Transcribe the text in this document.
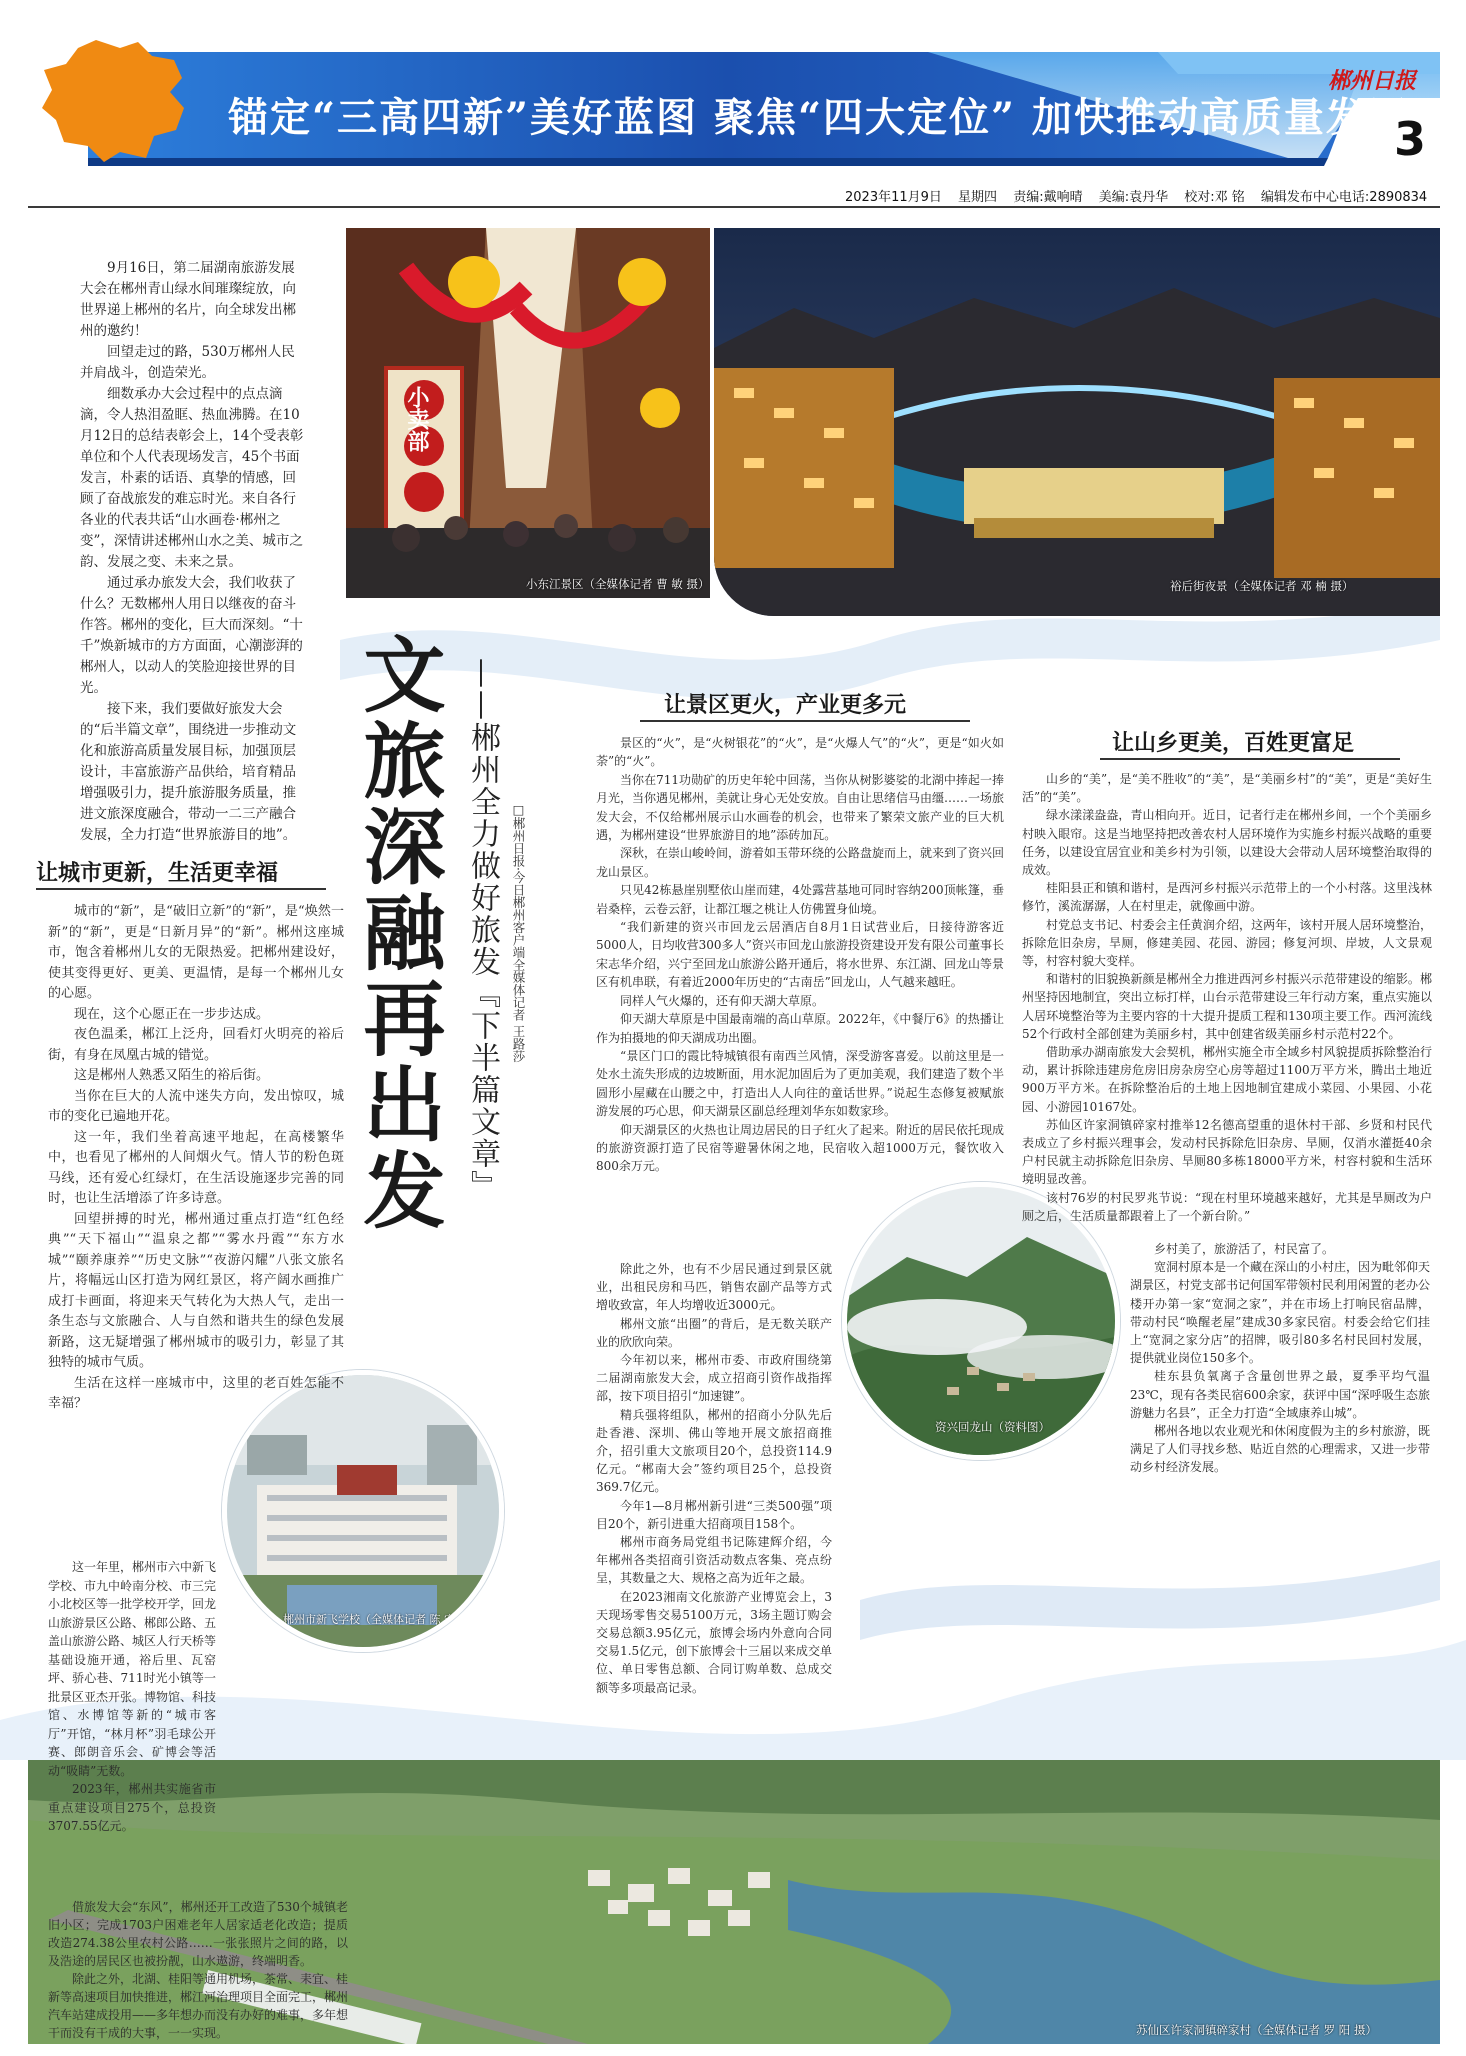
锚定“三高四新”美好蓝图 聚焦“四大定位” 加快推动高质量发展
郴州日报
3
2023年11月9日 星期四 责编:戴响晴 美编:袁丹华 校对:邓 铭 编辑发布中心电话:2890834
小卖部
小东江景区（全媒体记者 曹 敏 摄）	裕后街夜景（全媒体记者 邓 楠 摄）
郴州市新飞学校（全媒体记者 陈 宏 摄）
资兴回龙山（资料图）
苏仙区许家洞镇碎家村（全媒体记者 罗 阳 摄）

9月16日，第二届湖南旅游发展大会在郴州青山绿水间璀璨绽放，向世界递上郴州的名片，向全球发出郴州的邀约！

回望走过的路，530万郴州人民并肩战斗，创造荣光。

细数承办大会过程中的点点滴滴，令人热泪盈眶、热血沸腾。在10月12日的总结表彰会上，14个受表彰单位和个人代表现场发言，45个书面发言，朴素的话语、真挚的情感，回顾了奋战旅发的难忘时光。来自各行各业的代表共话“山水画卷·郴州之变”，深情讲述郴州山水之美、城市之韵、发展之变、未来之景。

通过承办旅发大会，我们收获了什么？无数郴州人用日以继夜的奋斗作答。郴州的变化，巨大而深刻。“十千”焕新城市的方方面面，心潮澎湃的郴州人，以动人的笑脸迎接世界的目光。

接下来，我们要做好旅发大会的“后半篇文章”，围绕进一步推动文化和旅游高质量发展目标，加强顶层设计，丰富旅游产品供给，培育精品增强吸引力，提升旅游服务质量，推进文旅深度融合，带动一二三产融合发展，全力打造“世界旅游目的地”。 文旅深融再出发 ——郴州全力做好旅发『下半篇文章』 □郴州日报·今日郴州客户端全媒体记者 王路莎
让城市更新，生活更幸福

城市的“新”，是“破旧立新”的“新”，是“焕然一新”的“新”，更是“日新月异”的“新”。郴州这座城市，饱含着郴州儿女的无限热爱。把郴州建设好，使其变得更好、更美、更温情，是每一个郴州儿女的心愿。

现在，这个心愿正在一步步达成。

夜色温柔，郴江上泛舟，回看灯火明亮的裕后街，有身在凤凰古城的错觉。

这是郴州人熟悉又陌生的裕后街。

当你在巨大的人流中迷失方向，发出惊叹，城市的变化已遍地开花。

这一年，我们坐着高速平地起，在高楼繁华中，也看见了郴州的人间烟火气。情人节的粉色斑马线，还有爱心红绿灯，在生活设施逐步完善的同时，也让生活增添了许多诗意。

回望拼搏的时光，郴州通过重点打造“红色经典”“天下福山”“温泉之都”“雾水丹霞”“东方水城”“颐养康养”“历史文脉”“夜游闪耀”八张文旅名片，将幅远山区打造为网红景区，将产阔水画推广成打卡画面，将迎来天气转化为大热人气，走出一条生态与文旅融合、人与自然和谐共生的绿色发展新路，这无疑增强了郴州城市的吸引力，彰显了其独特的城市气质。

生活在这样一座城市中，这里的老百姓怎能不幸福？

这一年里，郴州市六中新飞学校、市九中岭南分校、市三完小北校区等一批学校开学，回龙山旅游景区公路、郴郎公路、五盖山旅游公路、城区人行天桥等基础设施开通，裕后里、瓦窑坪、骄心巷、711时光小镇等一批景区亚杰开张。博物馆、科技馆、水博馆等新的“城市客厅”开馆，“林月杯”羽毛球公开赛、郎朗音乐会、矿博会等活动“吸睛”无数。

2023年，郴州共实施省市重点建设项目275个，总投资3707.55亿元。

借旅发大会“东风”，郴州还开工改造了530个城镇老旧小区；完成1703户困难老年人居家适老化改造；提质改造274.38公里农村公路……一张张照片之间的路，以及浩途的居民区也被扮靓，山水遨游，终端明香。

除此之外，北湖、桂阳等通用机场，茶常、耒宜、桂新等高速项目加快推进，郴江河治理项目全面完工，郴州汽车站建成投用——多年想办而没有办好的难事，多年想干而没有干成的大事，一一实现。

让景区更火，产业更多元

景区的“火”，是“火树银花”的“火”，是“火爆人气”的“火”，更是“如火如荼”的“火”。

当你在711功勋矿的历史年轮中回荡，当你从树影婆娑的北湖中捧起一捧月光，当你遇见郴州，美就让身心无处安放。自由让思绪信马由缰……一场旅发大会，不仅给郴州展示山水画卷的机会，也带来了繁荣文旅产业的巨大机遇，为郴州建设“世界旅游目的地”添砖加瓦。

深秋，在崇山峻岭间，游着如玉带环绕的公路盘旋而上，就来到了资兴回龙山景区。

只见42栋悬崖别墅依山崖而建，4处露营基地可同时容纳200顶帐篷，垂岩桑梓，云卷云舒，让都江堰之桃让人仿佛置身仙境。

“我们新建的资兴市回龙云居酒店自8月1日试营业后，日接待游客近5000人，日均收营300多人”资兴市回龙山旅游投资建设开发有限公司董事长宋志华介绍，兴宁至回龙山旅游公路开通后，将水世界、东江湖、回龙山等景区有机串联，有着近2000年历史的“古南岳”回龙山，人气越来越旺。

同样人气火爆的，还有仰天湖大草原。

仰天湖大草原是中国最南端的高山草原。2022年，《中餐厅6》的热播让作为拍摄地的仰天湖成功出圈。

“景区门口的霞比特城镇很有南西兰风情，深受游客喜爱。以前这里是一处水土流失形成的边坡断面，用水泥加固后为了更加美观，我们建造了数个半圆形小屋藏在山腰之中，打造出人人向往的童话世界。”说起生态修复被赋旅游发展的巧心思，仰天湖景区副总经理刘华东如数家珍。

仰天湖景区的火热也让周边居民的日子红火了起来。附近的居民依托现成的旅游资源打造了民宿等避暑休闲之地，民宿收入超1000万元，餐饮收入800余万元。

除此之外，也有不少居民通过到景区就业，出租民房和马匹，销售农副产品等方式增收致富，年人均增收近3000元。

郴州文旅“出圈”的背后，是无数关联产业的欣欣向荣。

今年初以来，郴州市委、市政府围绕第二届湖南旅发大会，成立招商引资作战指挥部，按下项目招引“加速键”。

精兵强将组队，郴州的招商小分队先后赴香港、深圳、佛山等地开展文旅招商推介，招引重大文旅项目20个，总投资114.9亿元。“郴南大会”签约项目25个，总投资369.7亿元。

今年1—8月郴州新引进“三类500强”项目20个，新引进重大招商项目158个。

郴州市商务局党组书记陈建辉介绍，今年郴州各类招商引资活动数点客集、亮点纷呈，其数量之大、规格之高为近年之最。

在2023湘南文化旅游产业博览会上，3天现场零售交易5100万元，3场主题订购会交易总额3.95亿元，旅博会场内外意向合同交易1.5亿元，创下旅博会十三届以来成交单位、单日零售总额、合同订购单数、总成交额等多项最高记录。

让山乡更美，百姓更富足

山乡的“美”，是“美不胜收”的“美”，是“美丽乡村”的“美”，更是“美好生活”的“美”。

绿水漾漾盎盎，青山相向开。近日，记者行走在郴州乡间，一个个美丽乡村映入眼帘。这是当地坚持把改善农村人居环境作为实施乡村振兴战略的重要任务，以建设宜居宜业和美乡村为引领，以建设大会带动人居环境整治取得的成效。

桂阳县正和镇和谐村，是西河乡村振兴示范带上的一个小村落。这里浅林修竹，溪流潺潺，人在村里走，就像画中游。

村党总支书记、村委会主任黄润介绍，这两年，该村开展人居环境整治，拆除危旧杂房，旱厕，修建美园、花园、游园；修复河坝、岸坡，人文景观等，村容村貌大变样。

和谐村的旧貌换新颜是郴州全力推进西河乡村振兴示范带建设的缩影。郴州坚持因地制宜，突出立标打样，山台示范带建设三年行动方案，重点实施以人居环境整治等为主要内容的十大提升提质工程和130项主要工作。西河流线52个行政村全部创建为美丽乡村，其中创建省级美丽乡村示范村22个。

借助承办湖南旅发大会契机，郴州实施全市全域乡村风貌提质拆除整治行动，累计拆除违建房危房旧房杂房空心房等超过1100万平方米，腾出土地近900万平方米。在拆除整治后的土地上因地制宜建成小菜园、小果园、小花园、小游园10167处。

苏仙区许家洞镇碎家村推举12名德高望重的退休村干部、乡贤和村民代表成立了乡村振兴理事会，发动村民拆除危旧杂房、旱厕，仅消水灌挺40余户村民就主动拆除危旧杂房、旱厕80多栋18000平方米，村容村貌和生活环境明显改善。

该村76岁的村民罗兆节说：“现在村里环境越来越好，尤其是旱厕改为户厕之后，生活质量都跟着上了一个新台阶。”

乡村美了，旅游活了，村民富了。

宽洞村原本是一个藏在深山的小村庄，因为毗邻仰天湖景区，村党支部书记何国军带领村民利用闲置的老办公楼开办第一家“宽洞之家”，并在市场上打响民宿品牌，带动村民“唤醒老屋”建成30多家民宿。村委会给它们挂上“宽洞之家分店”的招牌，吸引80多名村民回村发展，提供就业岗位150多个。

桂东县负氧离子含量创世界之最，夏季平均气温23℃，现有各类民宿600余家，获评中国“深呼吸生态旅游魅力名县”，正全力打造“全域康养山城”。

郴州各地以农业观光和休闲度假为主的乡村旅游，既满足了人们寻找乡愁、贴近自然的心理需求，又进一步带动乡村经济发展。
